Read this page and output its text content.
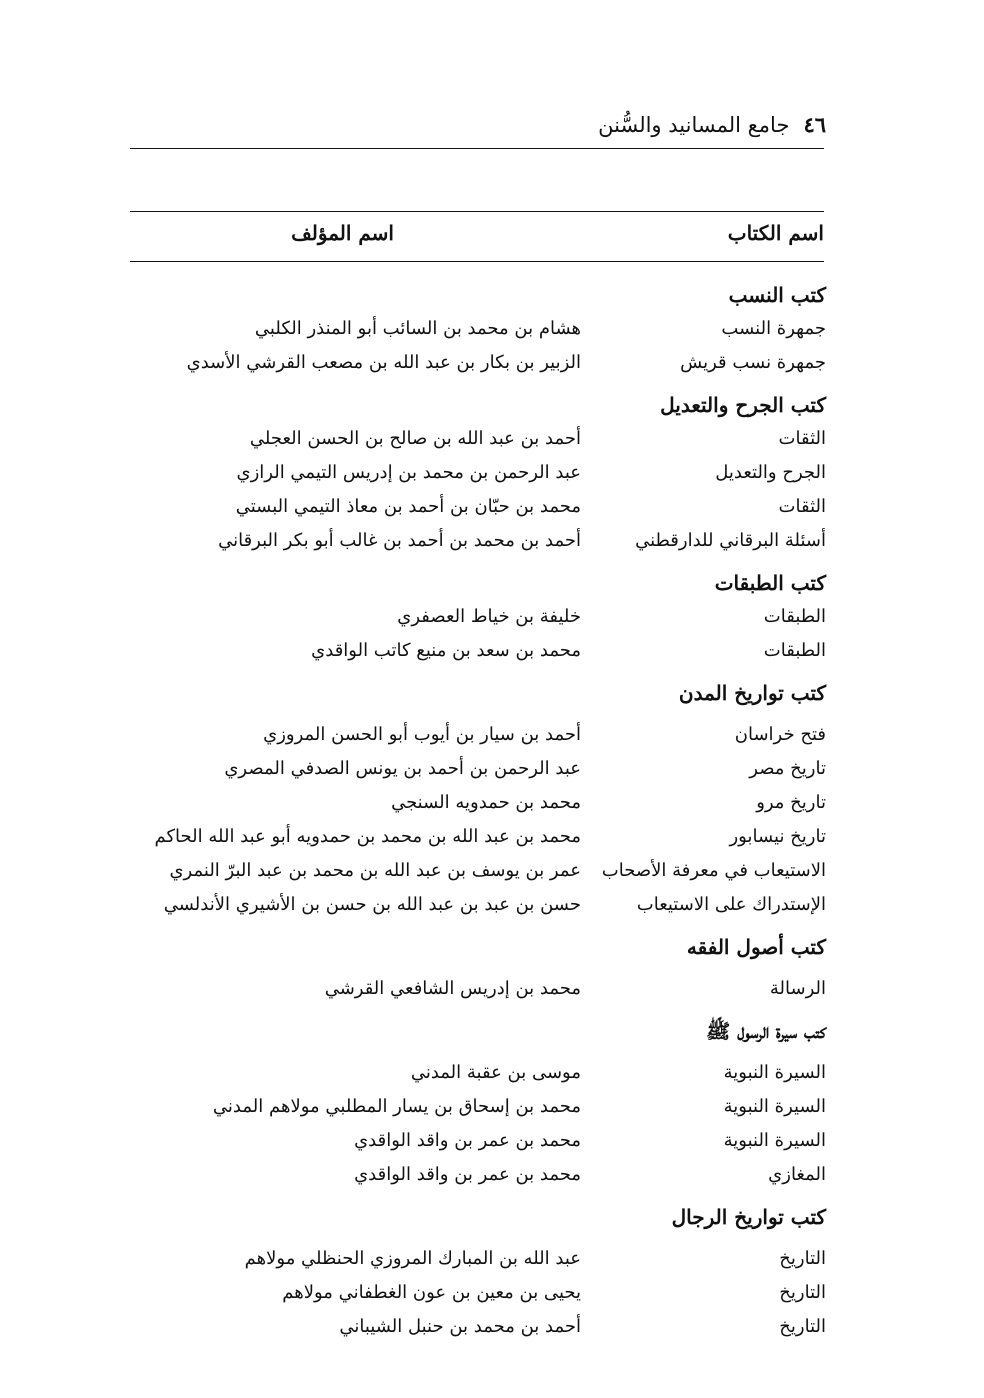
٤٦
جامع المسانيد والسُّنن
اسم الكتاب
اسم المؤلف
كتب النسب
جمهرة النسب
هشام بن محمد بن السائب أبو المنذر الكلبي
جمهرة نسب قريش
الزبير بن بكار بن عبد الله بن مصعب القرشي الأسدي
كتب الجرح والتعديل
الثقات
أحمد بن عبد الله بن صالح بن الحسن العجلي
الجرح والتعديل
عبد الرحمن بن محمد بن إدريس التيمي الرازي
الثقات
محمد بن حبّان بن أحمد بن معاذ التيمي البستي
أسئلة البرقاني للدارقطني
أحمد بن محمد بن أحمد بن غالب أبو بكر البرقاني
كتب الطبقات
الطبقات
خليفة بن خياط العصفري
الطبقات
محمد بن سعد بن منيع كاتب الواقدي
كتب تواريخ المدن
فتح خراسان
أحمد بن سيار بن أيوب أبو الحسن المروزي
تاريخ مصر
عبد الرحمن بن أحمد بن يونس الصدفي المصري
تاريخ مرو
محمد بن حمدويه السنجي
تاريخ نيسابور
محمد بن عبد الله بن محمد بن حمدويه أبو عبد الله الحاكم
الاستيعاب في معرفة الأصحاب
عمر بن يوسف بن عبد الله بن محمد بن عبد البرّ النمري
الإستدراك على الاستيعاب
حسن بن عبد بن عبد الله بن حسن بن الأشيري الأندلسي
كتب أصول الفقه
الرسالة
محمد بن إدريس الشافعي القرشي
كتب سيرة الرسول ﷺ
السيرة النبوية
موسى بن عقبة المدني
السيرة النبوية
محمد بن إسحاق بن يسار المطلبي مولاهم المدني
السيرة النبوية
محمد بن عمر بن واقد الواقدي
المغازي
محمد بن عمر بن واقد الواقدي
كتب تواريخ الرجال
التاريخ
عبد الله بن المبارك المروزي الحنظلي مولاهم
التاريخ
يحيى بن معين بن عون الغطفاني مولاهم
التاريخ
أحمد بن محمد بن حنبل الشيباني
